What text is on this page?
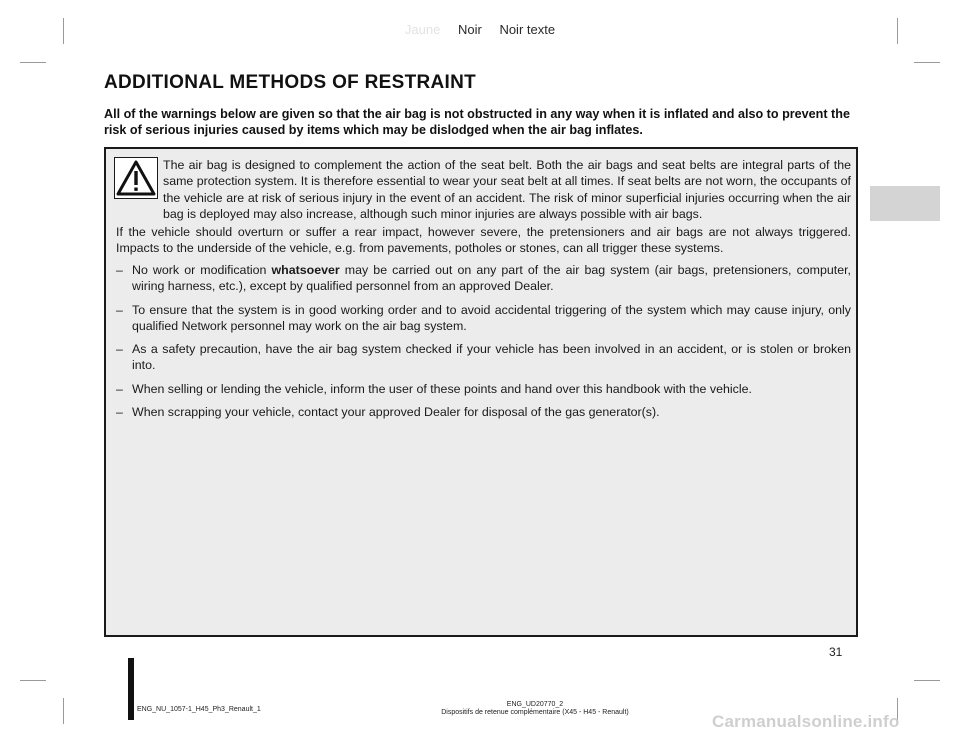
Jaune Noir Noir texte
ADDITIONAL METHODS OF RESTRAINT
All of the warnings below are given so that the air bag is not obstructed in any way when it is inflated and also to prevent the risk of serious injuries caused by items which may be dislodged when the air bag inflates.
The air bag is designed to complement the action of the seat belt. Both the air bags and seat belts are integral parts of the same protection system. It is therefore essential to wear your seat belt at all times. If seat belts are not worn, the occupants of the vehicle are at risk of serious injury in the event of an accident. The risk of minor superficial injuries occurring when the air bag is deployed may also increase, although such minor injuries are always possible with air bags.
If the vehicle should overturn or suffer a rear impact, however severe, the pretensioners and air bags are not always triggered. Impacts to the underside of the vehicle, e.g. from pavements, potholes or stones, can all trigger these systems.
– No work or modification whatsoever may be carried out on any part of the air bag system (air bags, pretensioners, computer, wiring harness, etc.), except by qualified personnel from an approved Dealer.
– To ensure that the system is in good working order and to avoid accidental triggering of the system which may cause injury, only qualified Network personnel may work on the air bag system.
– As a safety precaution, have the air bag system checked if your vehicle has been involved in an accident, or is stolen or broken into.
– When selling or lending the vehicle, inform the user of these points and hand over this handbook with the vehicle.
– When scrapping your vehicle, contact your approved Dealer for disposal of the gas generator(s).
31
ENG_NU_1057-1_H45_Ph3_Renault_1
ENG_UD20770_2
Dispositifs de retenue complémentaire (X45 - H45 - Renault)	Carmanualsonline.info
